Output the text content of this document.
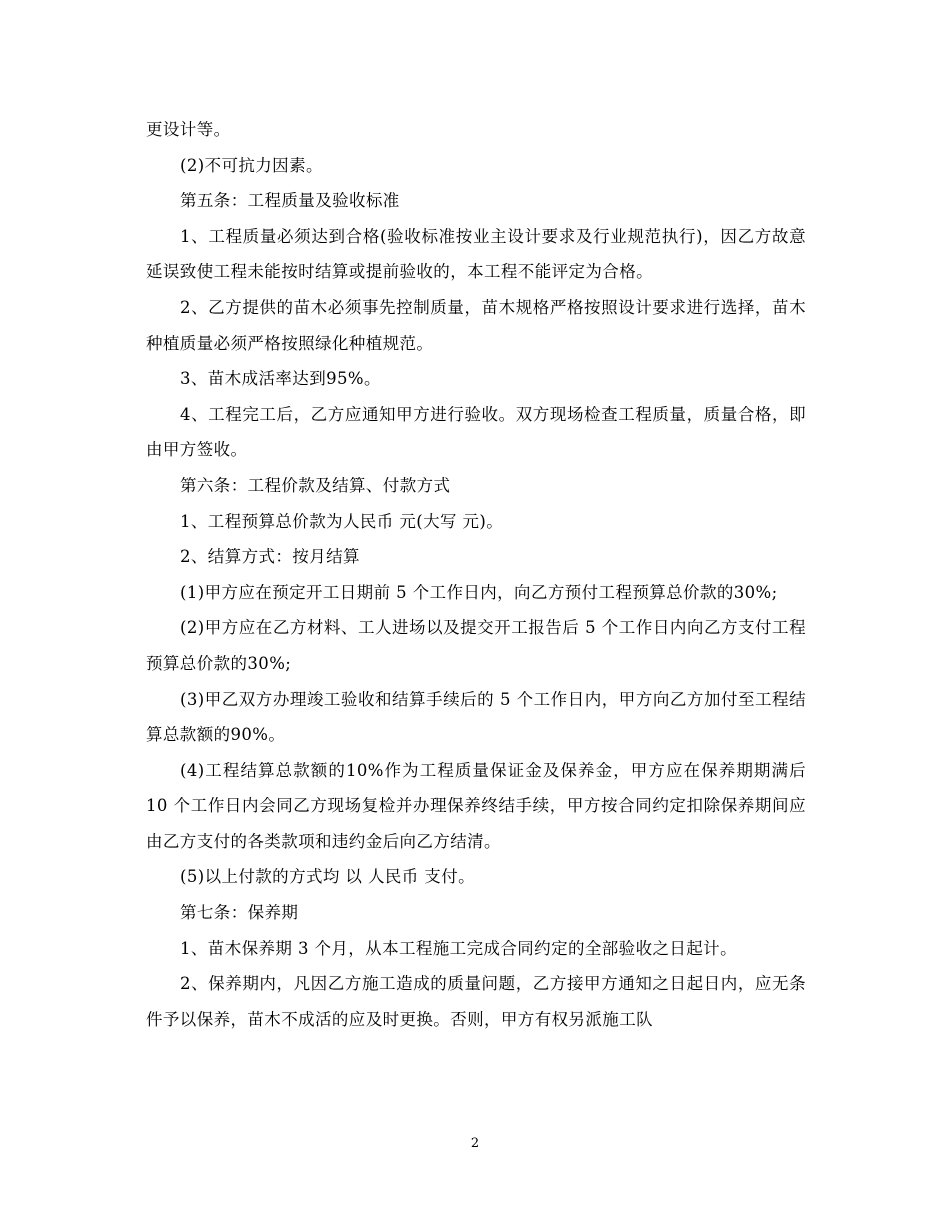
更设计等。

(2)不可抗力因素。

第五条：工程质量及验收标准

1、工程质量必须达到合格(验收标准按业主设计要求及行业规范执行)，因乙方故意延误致使工程未能按时结算或提前验收的，本工程不能评定为合格。

2、乙方提供的苗木必须事先控制质量，苗木规格严格按照设计要求进行选择，苗木种植质量必须严格按照绿化种植规范。

3、苗木成活率达到95%。

4、工程完工后，乙方应通知甲方进行验收。双方现场检查工程质量，质量合格，即由甲方签收。

第六条：工程价款及结算、付款方式

1、工程预算总价款为人民币 元(大写 元)。

2、结算方式：按月结算

(1)甲方应在预定开工日期前 5 个工作日内，向乙方预付工程预算总价款的30%;

(2)甲方应在乙方材料、工人进场以及提交开工报告后 5 个工作日内向乙方支付工程预算总价款的30%;

(3)甲乙双方办理竣工验收和结算手续后的 5 个工作日内，甲方向乙方加付至工程结算总款额的90%。

(4)工程结算总款额的10%作为工程质量保证金及保养金，甲方应在保养期期满后 10 个工作日内会同乙方现场复检并办理保养终结手续，甲方按合同约定扣除保养期间应由乙方支付的各类款项和违约金后向乙方结清。

(5)以上付款的方式均 以 人民币 支付。

第七条：保养期

1、苗木保养期 3 个月，从本工程施工完成合同约定的全部验收之日起计。

2、保养期内，凡因乙方施工造成的质量问题，乙方接甲方通知之日起日内，应无条件予以保养，苗木不成活的应及时更换。否则，甲方有权另派施工队

2
